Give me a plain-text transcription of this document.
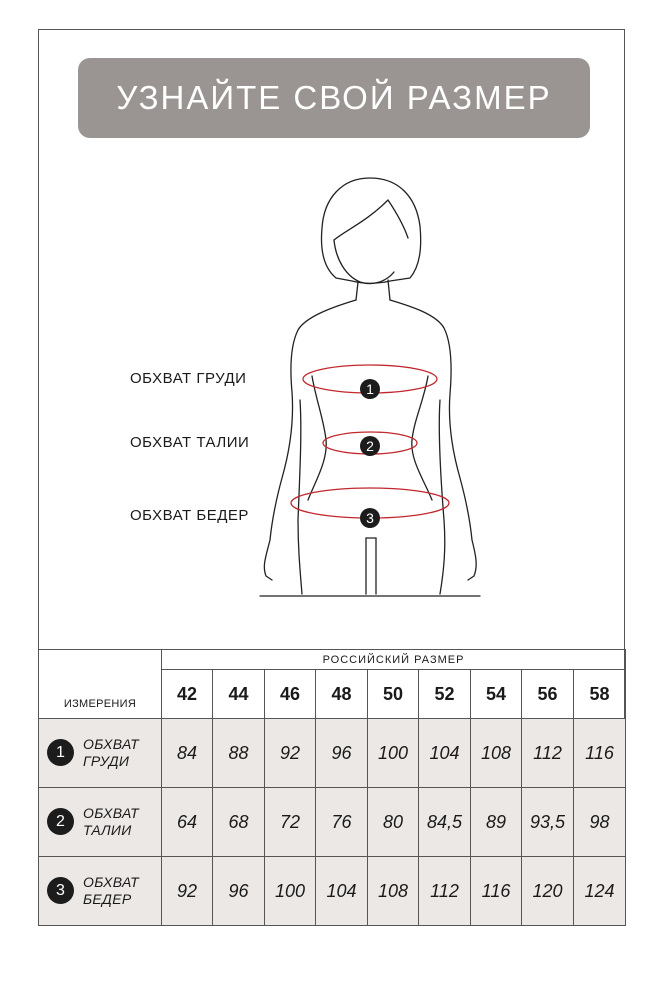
УЗНАЙТЕ СВОЙ РАЗМЕР
1
2
3
ОБХВАТ ГРУДИ
ОБХВАТ ТАЛИИ
ОБХВАТ БЕДЕР
ИЗМЕРЕНИЯ	РОССИЙСКИЙ РАЗМЕР								
	42	44	46	48	50	52	54	56	58

1 ОБХВАТ
ГРУДИ	84	88	92	96	100	104	108	112	116

2 ОБХВАТ
ТАЛИИ	64	68	72	76	80	84,5	89	93,5	98

3 ОБХВАТ
БЕДЕР	92	96	100	104	108	112	116	120	124
